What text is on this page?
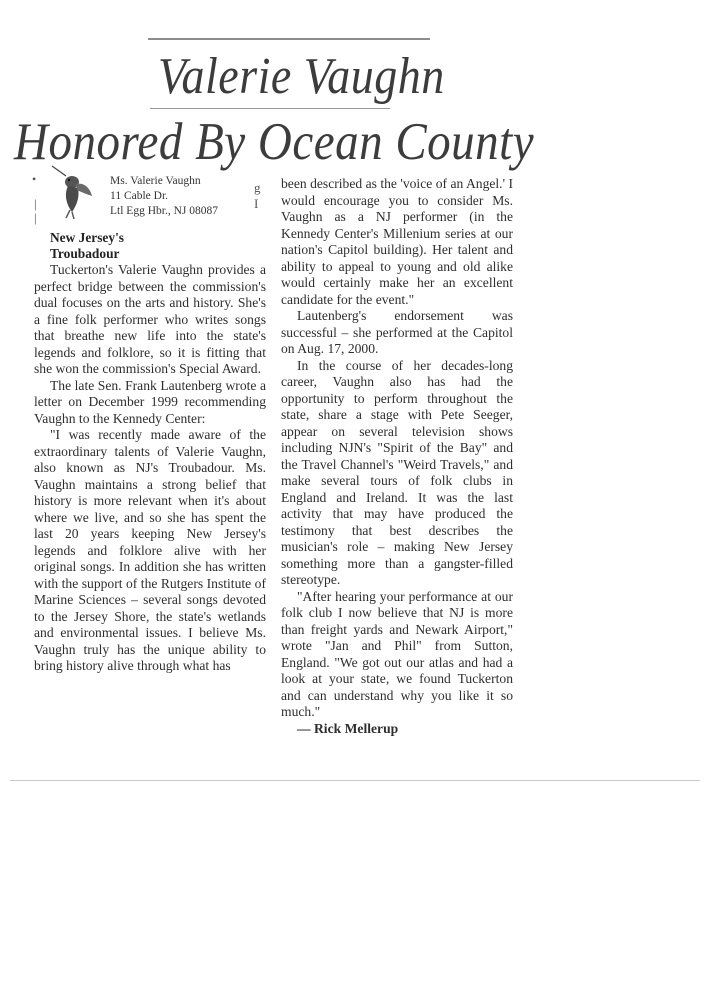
Valerie Vaughn
Honored By Ocean County
•
|
|
g
I
Ms. Valerie Vaughn
11 Cable Dr.
Ltl Egg Hbr., NJ 08087

New Jersey's

Troubadour

Tuckerton's Valerie Vaughn provides a perfect bridge between the commission's dual focuses on the arts and history. She's a fine folk performer who writes songs that breathe new life into the state's legends and folklore, so it is fitting that she won the commission's Special Award.

The late Sen. Frank Lautenberg wrote a letter on December 1999 recommending Vaughn to the Kennedy Center:

"I was recently made aware of the extraordinary talents of Valerie Vaughn, also known as NJ's Troubadour. Ms. Vaughn maintains a strong belief that history is more relevant when it's about where we live, and so she has spent the last 20 years keeping New Jersey's legends and folklore alive with her original songs. In addition she has written with the support of the Rutgers Institute of Marine Sciences – several songs devoted to the Jersey Shore, the state's wetlands and environmental issues. I believe Ms. Vaughn truly has the unique ability to bring history alive through what has

been described as the 'voice of an Angel.' I would encourage you to consider Ms. Vaughn as a NJ performer (in the Kennedy Center's Millenium series at our nation's Capitol building). Her talent and ability to appeal to young and old alike would certainly make her an excellent candidate for the event."

Lautenberg's endorsement was successful – she performed at the Capitol on Aug. 17, 2000.

In the course of her decades-long career, Vaughn also has had the opportunity to perform throughout the state, share a stage with Pete Seeger, appear on several television shows including NJN's "Spirit of the Bay" and the Travel Channel's "Weird Travels," and make several tours of folk clubs in England and Ireland. It was the last activity that may have produced the testimony that best describes the musician's role – making New Jersey something more than a gangster-filled stereotype.

"After hearing your performance at our folk club I now believe that NJ is more than freight yards and Newark Airport," wrote "Jan and Phil" from Sutton, England. "We got out our atlas and had a look at your state, we found Tuckerton and can understand why you like it so much."

— Rick Mellerup
